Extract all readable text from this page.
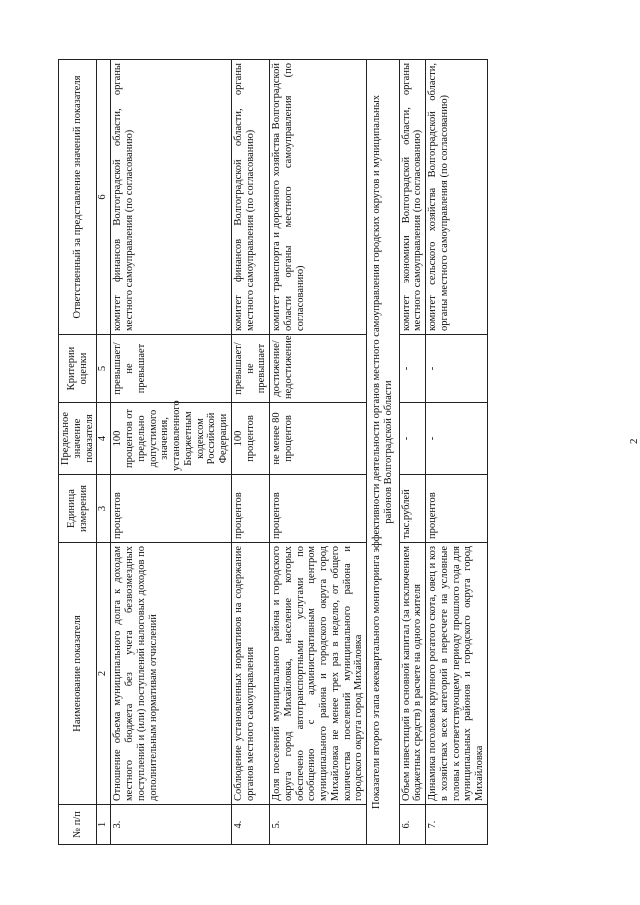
2
№ п/п	Наименование показателя	Единица измерения	Предельное значение показателя	Критерии оценки	Ответственный за представление значений показателя
1	2	3	4	5	6
3.	Отношение объема муниципального долга к доходам местного бюджета без учета безвозмездных поступлений и (или) поступлений налоговых доходов по дополнительным нормативам отчислений	процентов	100 процентов от предельно допустимого значения, установленного Бюджетным кодексом Российской Федерации	превышает/ не превышает	комитет финансов Волгоградской области, органы местного самоуправления (по согласованию)
4.	Соблюдение установленных нормативов на содержание органов местного самоуправления	процентов	100 процентов	превышает/ не превышает	комитет финансов Волгоградской области, органы местного самоуправления (по согласованию)
5.	Доля поселений муниципального района и городского округа город Михайловка, население которых обеспечено автотранспортными услугами по сообщению с административным центром муниципального района и городского округа город Михайловка не менее трех раз в неделю, от общего количества поселений муниципального района и городского округа город Михайловка	процентов	не менее 80 процентов	достижение/ недостижение	комитет транспорта и дорожного хозяйства Волгоградской области органы местного самоуправления (по согласованию)
Показатели второго этапа ежеквартального мониторинга эффективности деятельности органов местного самоуправления городских округов и муниципальных районов Волгоградской области					
6.	Объем инвестиций в основной капитал (за исключением бюджетных средств) в расчете на одного жителя	тыс.рублей	-	-	комитет экономики Волгоградской области, органы местного самоуправления (по согласованию)
7.	Динамика поголовья крупного рогатого скота, овец и коз в хозяйствах всех категорий в пересчете на условные головы к соответствующему периоду прошлого года для муниципальных районов и городского округа город Михайловка	процентов	-	-	комитет сельского хозяйства Волгоградской области, органы местного самоуправления (по согласованию)
